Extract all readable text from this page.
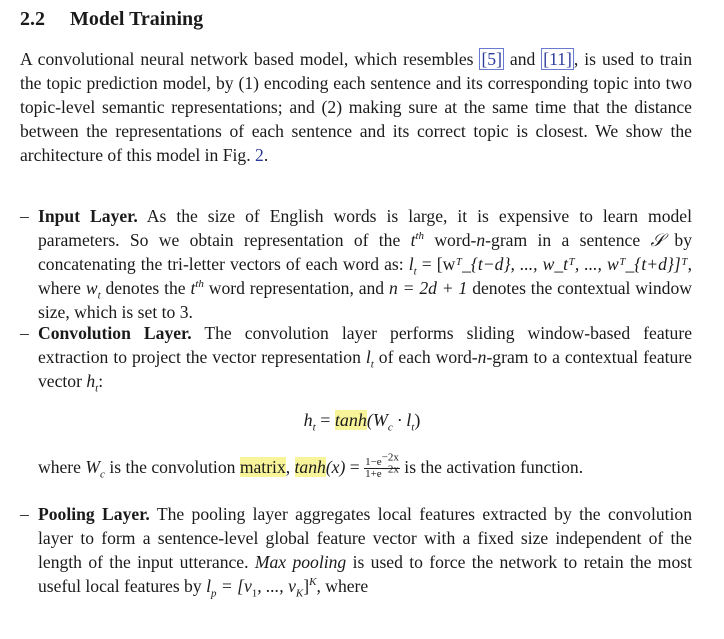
2.2 Model Training
A convolutional neural network based model, which resembles [5] and [11] , is used to train the topic prediction model, by (1) encoding each sentence and its corresponding topic into two topic-level semantic representations; and (2) making sure at the same time that the distance between the representations of each sentence and its correct topic is closest. We show the architecture of this model in Fig. 2.
– Input Layer. As the size of English words is large, it is expensive to learn model parameters. So we obtain representation of the $t^{th}$ word-n-gram in a sentence 𝒮 by concatenating the tri-letter vectors of each word as: $l_t$ = [wᵀ_{t−d}, ..., w_tᵀ, ..., wᵀ_{t+d}]ᵀ, where $w_t$ denotes the $t^{th}$ word representation, and n = 2d + 1 denotes the contextual window size, which is set to 3.
– Convolution Layer. The convolution layer performs sliding window-based feature extraction to project the vector representation $l_t$ of each word-n-gram to a contextual feature vector $h_t$:
$h_t = \tanh(W_c \cdot l_t)$
where $W_c$ is the convolution matrix, $\tanh(x) = \frac{1-e^{-2x}}{1+e^{-2x}}$ is the activation function.
– Pooling Layer. The pooling layer aggregates local features extracted by the convolution layer to form a sentence-level global feature vector with a fixed size independent of the length of the input utterance. Max pooling is used to force the network to retain the most useful local features by $l_p = [v_1$, ..., $v_K]^K$, where
